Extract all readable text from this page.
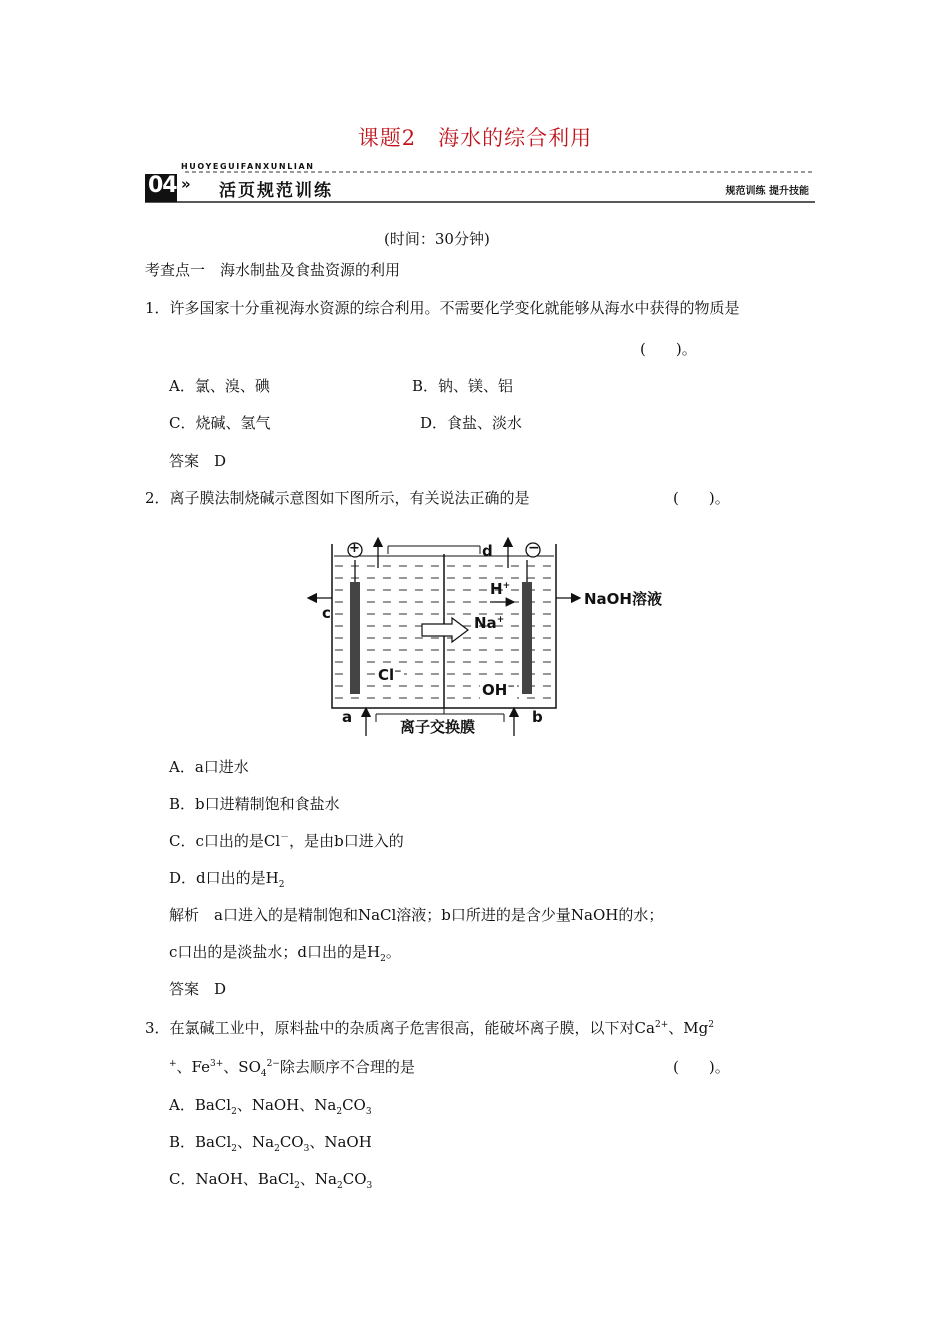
课题2　海水的综合利用
04 »
HUOYEGUIFANXUNLIAN
活页规范训练	规范训练 提升技能
(时间：30分钟)
考查点一　海水制盐及食盐资源的利用
1．许多国家十分重视海水资源的综合利用。不需要化学变化就能够从海水中获得的物质是
(　　)。
A．氯、溴、碘	B．钠、镁、铝
C．烧碱、氢气	D．食盐、淡水
答案　D
2．离子膜法制烧碱示意图如下图所示，有关说法正确的是	(　　)。
+	−
d
c
NaOH溶液
H+
Na+
Cl−
OH−
a	b
离子交换膜
A．a口进水
B．b口进精制饱和食盐水
C．c口出的是Cl－，是由b口进入的
D．d口出的是$H_2$
解析　a口进入的是精制饱和NaCl溶液；b口所进的是含少量NaOH的水；
c口出的是淡盐水；d口出的是$H_2$。
答案　D
3．在氯碱工业中，原料盐中的杂质离子危害很高，能破坏离子膜，以下对$Ca^{2+}$、Mg$^2$
+、$Fe^{3+}$、$SO_4^{2-}$除去顺序不合理的是	(　　)。
A．BaCl$_2$、NaOH、$Na_2CO_3$
B．BaCl$_2$、$Na_2CO_3$、NaOH
C．NaOH、BaCl$_2$、$Na_2CO_3$
